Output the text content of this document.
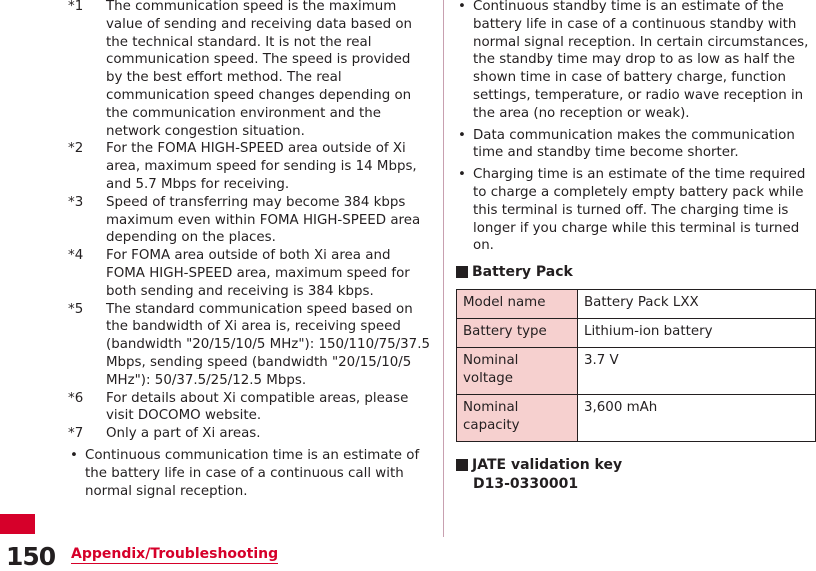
*1	The communication speed is the maximum value of sending and receiving data based on the technical standard. It is not the real communication speed. The speed is provided by the best effort method. The real communication speed changes depending on the communication environment and the network congestion situation.
*2	For the FOMA HIGH-SPEED area outside of Xi area, maximum speed for sending is 14 Mbps, and 5.7 Mbps for receiving.
*3	Speed of transferring may become 384 kbps maximum even within FOMA HIGH-SPEED area depending on the places.
*4	For FOMA area outside of both Xi area and FOMA HIGH-SPEED area, maximum speed for both sending and receiving is 384 kbps.
*5	The standard communication speed based on the bandwidth of Xi area is, receiving speed (bandwidth "20/15/10/5 MHz"): 150/110/75/37.5 Mbps, sending speed (bandwidth "20/15/10/5 MHz"): 50/37.5/25/12.5 Mbps.
*6	For details about Xi compatible areas, please visit DOCOMO website.
*7	Only a part of Xi areas.
• Continuous communication time is an estimate of the battery life in case of a continuous call with normal signal reception.
• Continuous standby time is an estimate of the battery life in case of a continuous standby with normal signal reception. In certain circumstances, the standby time may drop to as low as half the shown time in case of battery charge, function settings, temperature, or radio wave reception in the area (no reception or weak).
• Data communication makes the communication time and standby time become shorter.
• Charging time is an estimate of the time required to charge a completely empty battery pack while this terminal is turned off. The charging time is longer if you charge while this terminal is turned on.
Battery Pack
Model name	Battery Pack LXX
Battery type	Lithium-ion battery
Nominal voltage	3.7 V
Nominal capacity	3,600 mAh
JATE validation key
D13-0330001
150 Appendix/Troubleshooting
